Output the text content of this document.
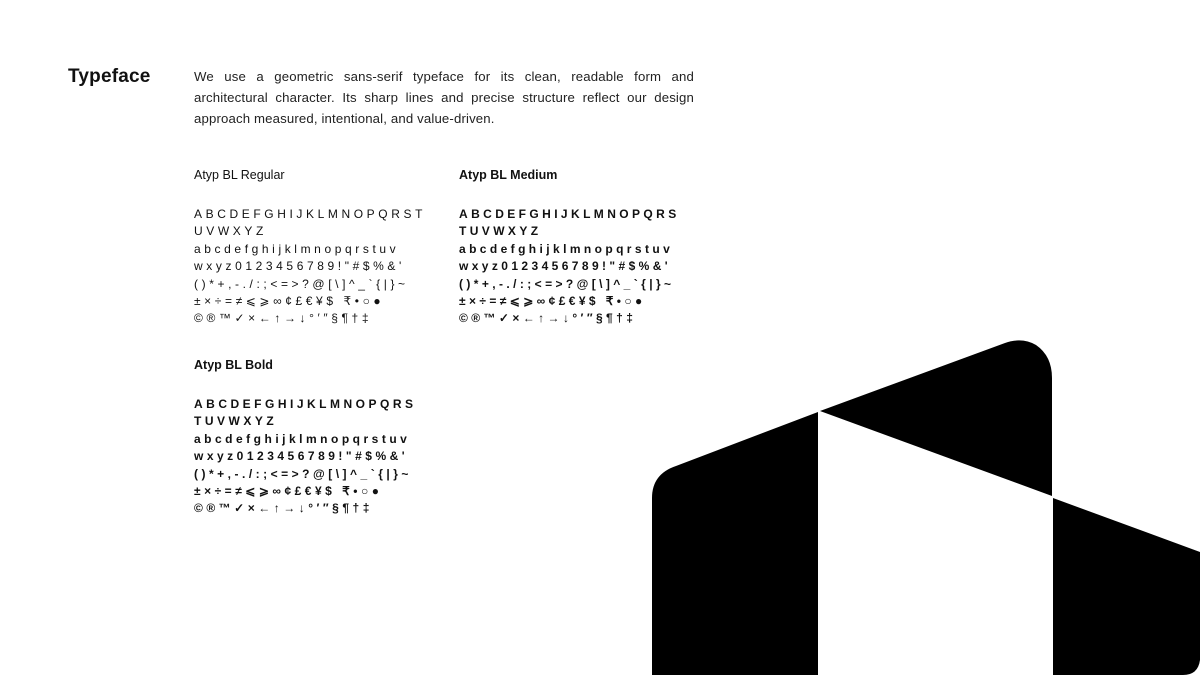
Typeface	We use a geometric sans-serif typeface for its clean, readable form and architectural character. Its sharp lines and precise structure reflect our design approach measured, intentional, and value-driven.
Atyp BL Regular
ABCDEFGHIJKLMNOPQRST
UVWXYZ
abcdefghijklmnopqrstuv
wxyz0123456789!"#$%&'
()*+,-./:;<=>?@[\]^_`{|}~
±×÷=≠⩽⩾∞¢£€¥$ ₹•○●
©®™✓×←↑→↓°′″§¶†‡
Atyp BL Medium
ABCDEFGHIJKLMNOPQRS
TUVWXYZ
abcdefghijklmnopqrstuv
wxyz0123456789!"#$%&'
()*+,-./:;<=>?@[\]^_`{|}~
±×÷=≠⩽⩾∞¢£€¥$ ₹•○●
©®™✓×←↑→↓°′″§¶†‡
Atyp BL Bold
ABCDEFGHIJKLMNOPQRS
TUVWXYZ
abcdefghijklmnopqrstuv
wxyz0123456789!"#$%&'
()*+,-./:;<=>?@[\]^_`{|}~
±×÷=≠⩽⩾∞¢£€¥$ ₹•○●
©®™✓×←↑→↓°′″§¶†‡
